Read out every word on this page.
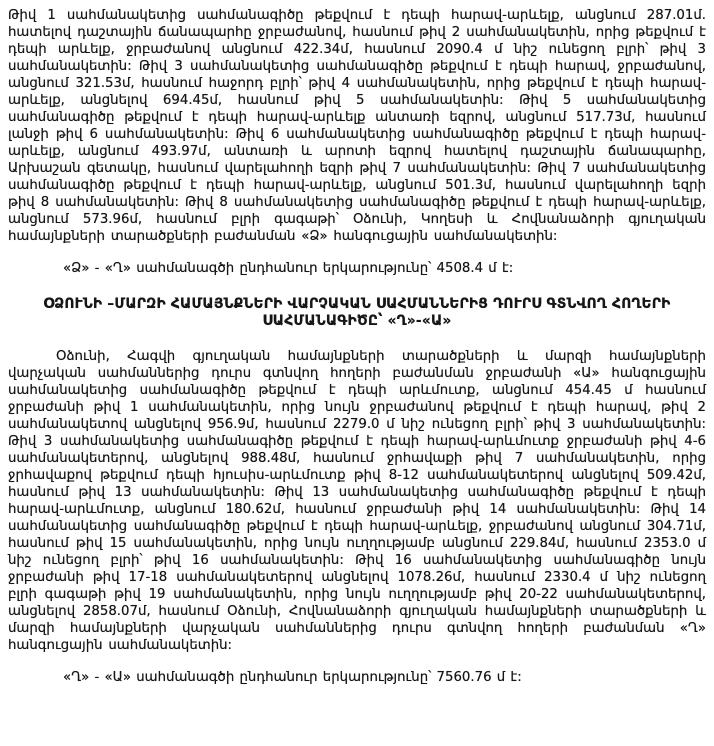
Թիվ 1 սահմանակետից սահմանագիծը թեքվում է դեպի հարավ-արևելք, անցնում 287.01մ. հատելով դաշտային ճանապարհը ջրբաժանով, հասնում թիվ 2 սահմանակետին, որից թեքվում է դեպի արևելք, ջրբաժանով անցնում 422.34մ, հասնում 2090.4 մ նիշ ունեցող բլրի՝ թիվ 3 սահմանակետին: Թիվ 3 սահմանակետից սահմանագիծը թեքվում է դեպի հարավ, ջրբաժանով, անցնում 321.53մ, հասնում հաջորդ բլրի՝ թիվ 4 սահմանակետին, որից թեքվում է դեպի հարավ-արևելք, անցնելով 694.45մ, հասնում թիվ 5 սահմանակետին: Թիվ 5 սահմանակետից սահմանագիծը թեքվում է դեպի հարավ-արևելք անտառի եզրով, անցնում 517.73մ, հասնում լանջի թիվ 6 սահմանակետին: Թիվ 6 սահմանակետից սահմանագիծը թեքվում է դեպի հարավ-արևելք, անցնում 493.97մ, անտառի և արոտի եզրով հատելով դաշտային ճանապարհը, Արխաշան գետակը, հասնում վարելահողի եզրի թիվ 7 սահմանակետին: Թիվ 7 սահմանակետից սահմանագիծը թեքվում է դեպի հարավ-արևելք, անցնում 501.3մ, հասնում վարելահողի եզրի թիվ 8 սահմանակետին: Թիվ 8 սահմանակետից սահմանագիծը թեքվում է դեպի հարավ-արևելք, անցնում 573.96մ, հասնում բլրի գագաթի՝ Օձունի, Կողեսի և Հովնանաձորի գյուղական համայնքների տարածքների բաժանման «Ձ» հանգուցային սահմանակետին:

«Ձ» - «Ղ» սահմանագծի ընդհանուր երկարությունը՝ 4508.4 մ է:

ՕՁՈՒՆԻ –ՄԱՐԶԻ ՀԱՄԱՅՆՔՆԵՐԻ ՎԱՐՉԱԿԱՆ ՍԱՀՄԱՆՆԵՐԻՑ ԴՈՒՐՍ ԳՏՆՎՈՂ ՀՈՂԵՐԻ ՍԱՀՄԱՆԱԳԻԾԸ՝ «Ղ»-«Ա»

Օձունի, Հագվի գյուղական համայնքների տարածքների և մարզի համայնքների վարչական սահմաններից դուրս գտնվող հողերի բաժանման ջրբաժանի «Ա» հանգուցային սահմանակետից սահմանագիծը թեքվում է դեպի արևմուտք, անցնում 454.45 մ հասնում ջրբաժանի թիվ 1 սահմանակետին, որից նույն ջրբաժանով թեքվում է դեպի հարավ, թիվ 2 սահմանակետով անցնելով 956.9մ, հասնում 2279.0 մ նիշ ունեցող բլրի՝ թիվ 3 սահմանակետին: Թիվ 3 սահմանակետից սահմանագիծը թեքվում է դեպի հարավ-արևմուտք ջրբաժանի թիվ 4-6 սահմանակետերով, անցնելով 988.48մ, հասնում ջրհավաքի թիվ 7 սահմանակետին, որից ջրհավաքով թեքվում դեպի հյուսիս-արևմուտք թիվ 8-12 սահմանակետերով անցնելով 509.42մ, հասնում թիվ 13 սահմանակետին: Թիվ 13 սահմանակետից սահմանագիծը թեքվում է դեպի հարավ-արևմուտք, անցնում 180.62մ, հասնում ջրբաժանի թիվ 14 սահմանակետին: Թիվ 14 սահմանակետից սահմանագիծը թեքվում է դեպի հարավ-արևելք, ջրբաժանով անցնում 304.71մ, հասնում թիվ 15 սահմանակետին, որից նույն ուղղությամբ անցնում 229.84մ, հասնում 2353.0 մ նիշ ունեցող բլրի՝ թիվ 16 սահմանակետին: Թիվ 16 սահմանակետից սահմանագիծը նույն ջրբաժանի թիվ 17-18 սահմանակետերով անցնելով 1078.26մ, հասնում 2330.4 մ նիշ ունեցող բլրի գագաթի թիվ 19 սահմանակետին, որից նույն ուղղությամբ թիվ 20-22 սահմանակետերով, անցնելով 2858.07մ, հասնում Օձունի, Հովնանաձորի գյուղական համայնքների տարածքների և մարզի համայնքների վարչական սահմաններից դուրս գտնվող հողերի բաժանման «Ղ» հանգուցային սահմանակետին:

«Ղ» - «Ա» սահմանագծի ընդհանուր երկարությունը՝ 7560.76 մ է:
